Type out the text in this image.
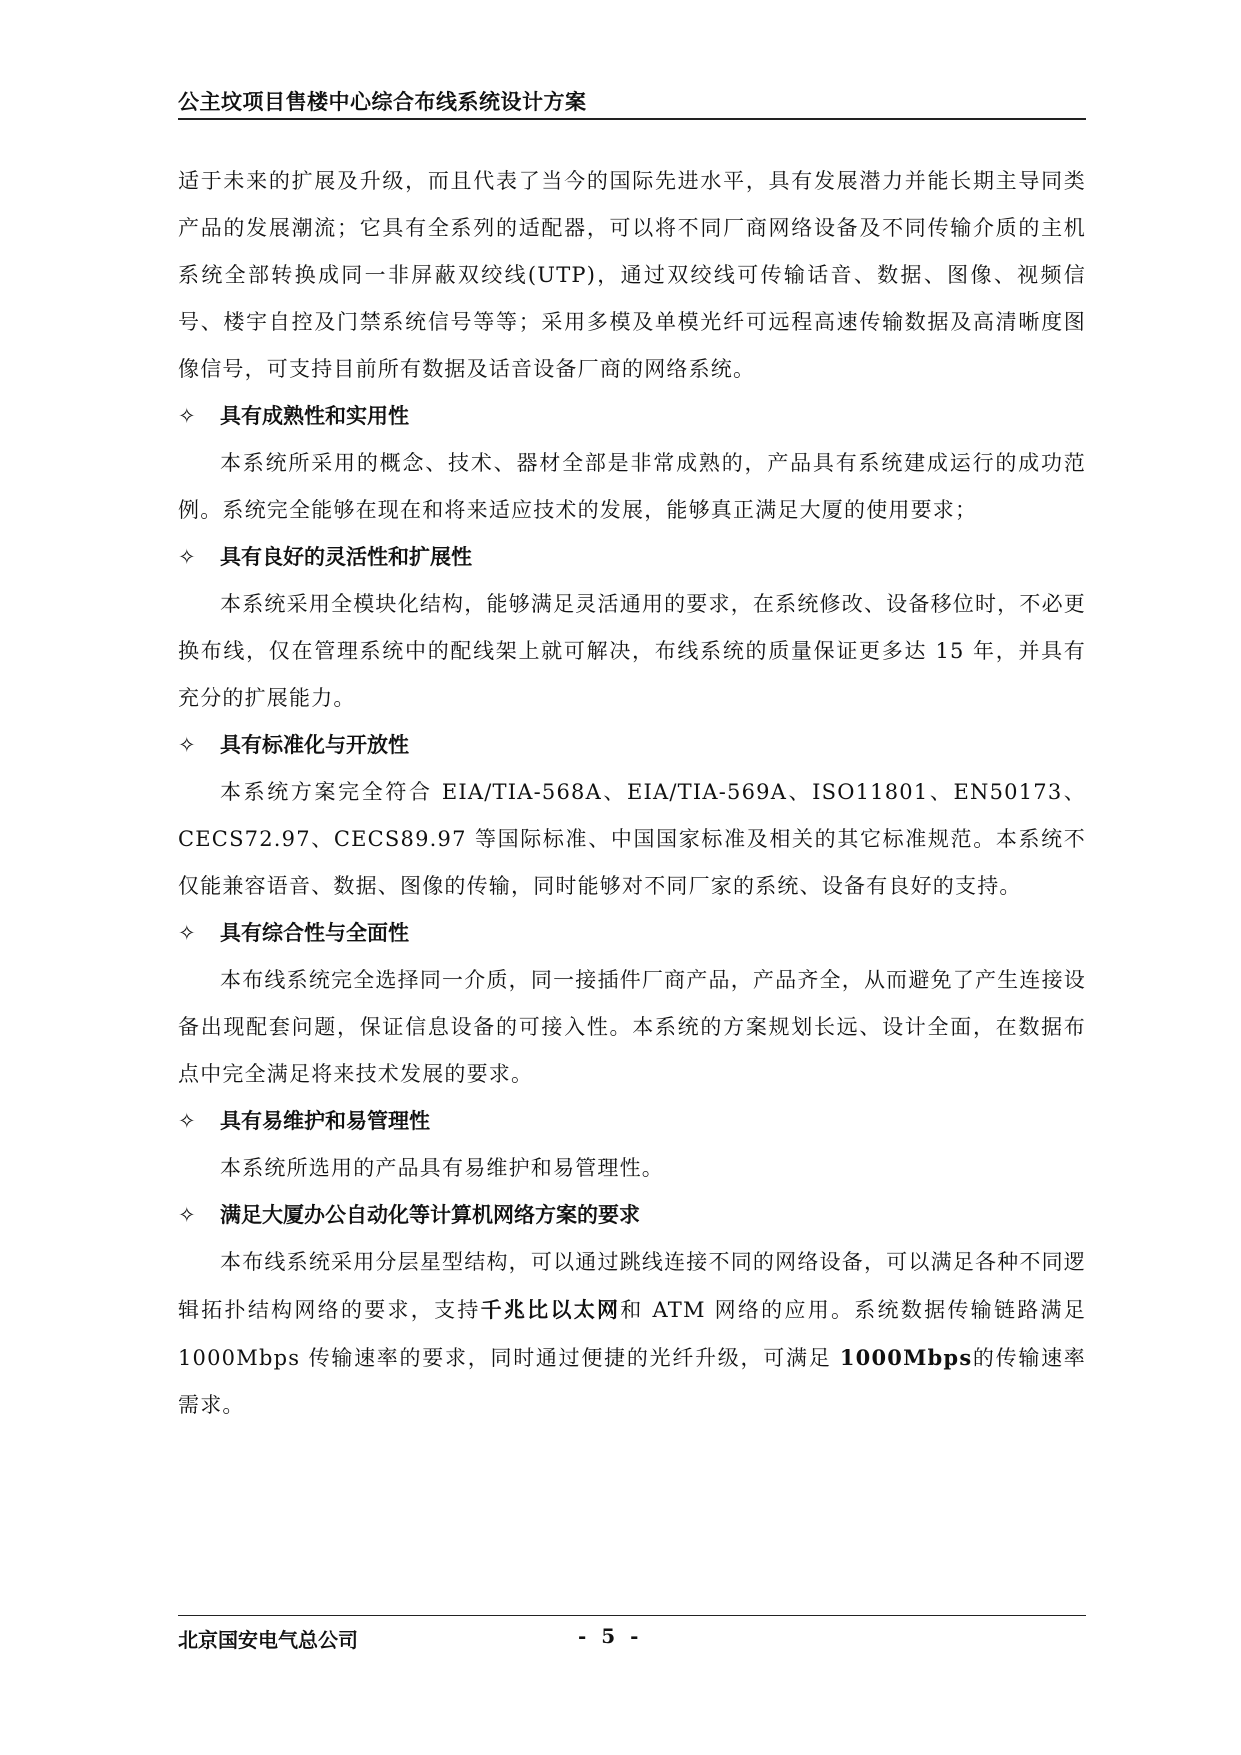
公主坟项目售楼中心综合布线系统设计方案

适于未来的扩展及升级，而且代表了当今的国际先进水平，具有发展潜力并能长期主导同类产品的发展潮流；它具有全系列的适配器，可以将不同厂商网络设备及不同传输介质的主机系统全部转换成同一非屏蔽双绞线(UTP)，通过双绞线可传输话音、数据、图像、视频信号、楼宇自控及门禁系统信号等等；采用多模及单模光纤可远程高速传输数据及高清晰度图像信号，可支持目前所有数据及话音设备厂商的网络系统。

✧ 具有成熟性和实用性

本系统所采用的概念、技术、器材全部是非常成熟的，产品具有系统建成运行的成功范例。系统完全能够在现在和将来适应技术的发展，能够真正满足大厦的使用要求；

✧ 具有良好的灵活性和扩展性

本系统采用全模块化结构，能够满足灵活通用的要求，在系统修改、设备移位时，不必更换布线，仅在管理系统中的配线架上就可解决，布线系统的质量保证更多达 15 年，并具有充分的扩展能力。

✧ 具有标准化与开放性

本系统方案完全符合 EIA/TIA-568A、EIA/TIA-569A、ISO11801、EN50173、CECS72.97、CECS89.97 等国际标准、中国国家标准及相关的其它标准规范。本系统不仅能兼容语音、数据、图像的传输，同时能够对不同厂家的系统、设备有良好的支持。

✧ 具有综合性与全面性

本布线系统完全选择同一介质，同一接插件厂商产品，产品齐全，从而避免了产生连接设备出现配套问题，保证信息设备的可接入性。本系统的方案规划长远、设计全面，在数据布点中完全满足将来技术发展的要求。

✧ 具有易维护和易管理性

本系统所选用的产品具有易维护和易管理性。

✧ 满足大厦办公自动化等计算机网络方案的要求

本布线系统采用分层星型结构，可以通过跳线连接不同的网络设备，可以满足各种不同逻辑拓扑结构网络的要求，支持千兆比以太网和 ATM 网络的应用。系统数据传输链路满足 1000Mbps 传输速率的要求，同时通过便捷的光纤升级，可满足 1000Mbps的传输速率需求。

北京国安电气总公司	- 5 -
